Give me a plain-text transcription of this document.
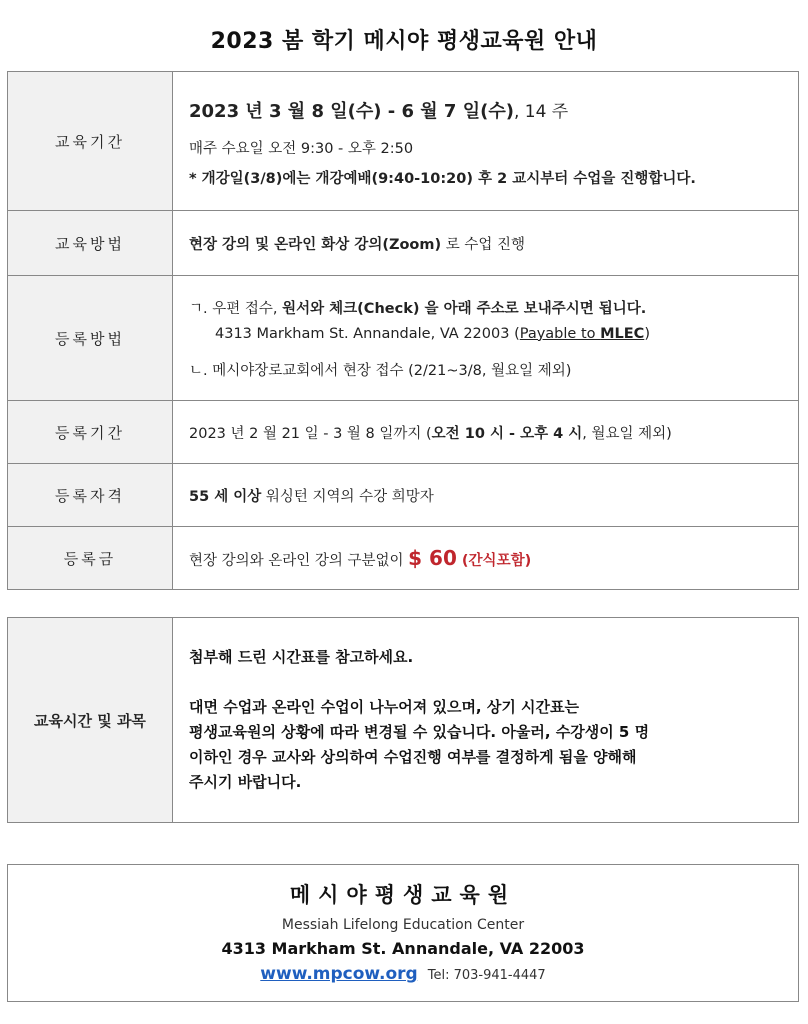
2023 봄 학기 메시야 평생교육원 안내
교육기간	2023 년 3 월 8 일(수) - 6 월 7 일(수), 14 주
매주 수요일 오전 9:30 - 오후 2:50
* 개강일(3/8)에는 개강예배(9:40-10:20) 후 2 교시부터 수업을 진행합니다.

교육방법	현장 강의 및 온라인 화상 강의(Zoom) 로 수업 진행
등록방법	ㄱ. 우편 접수, 원서와 체크(Check) 을 아래 주소로 보내주시면 됩니다.
4313 Markham St. Annandale, VA 22003 (Payable to MLEC)
ㄴ. 메시야장로교회에서 현장 접수 (2/21~3/8, 월요일 제외)

등록기간	2023 년 2 월 21 일 - 3 월 8 일까지 (오전 10 시 - 오후 4 시, 월요일 제외)
등록자격	55 세 이상 워싱턴 지역의 수강 희망자
등록금	현장 강의와 온라인 강의 구분없이 $ 60 (간식포함)
교육시간 및 과목	
첨부해 드린 시간표를 참고하세요.
대면 수업과 온라인 수업이 나누어져 있으며, 상기 시간표는
평생교육원의 상황에 따라 변경될 수 있습니다. 아울러, 수강생이 5 명
이하인 경우 교사와 상의하여 수업진행 여부를 결정하게 됨을 양해해
주시기 바랍니다.
메시야평생교육원
Messiah Lifelong Education Center
4313 Markham St. Annandale, VA 22003
www.mpcow.org Tel: 703-941-4447
